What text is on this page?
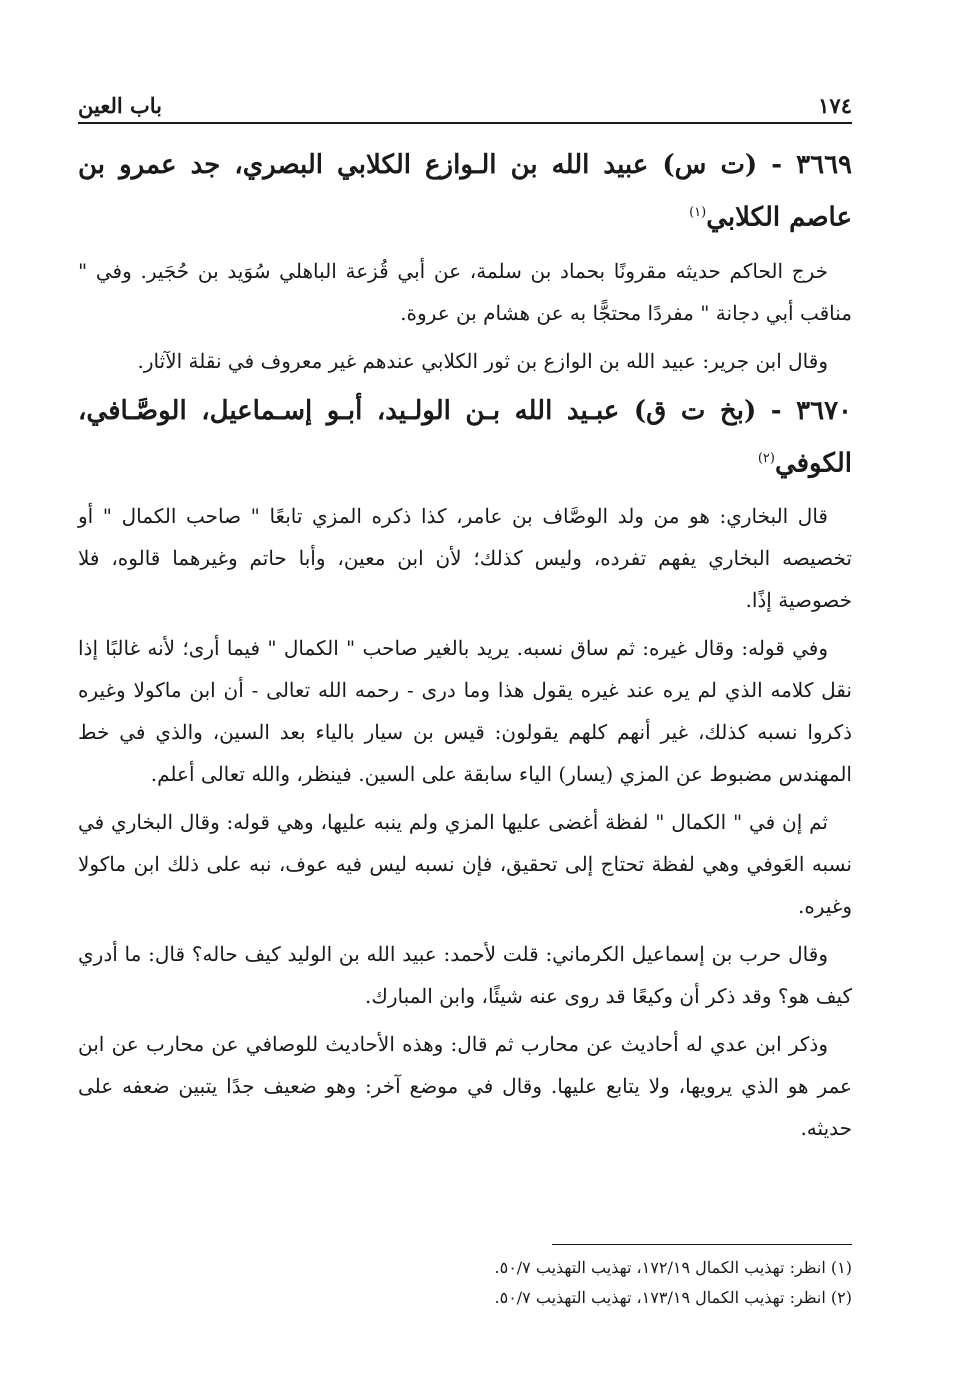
١٧٤
باب العين

٣٦٦٩ - (ت س) عبيد الله بن الـوازع الكلابي البصري، جد عمرو بن عاصم الكلابي$^{(١)}$

خرج الحاكم حديثه مقرونًا بحماد بن سلمة، عن أبي قُزعة الباهلي سُوَيد بن حُجَير. وفي " مناقب أبي دجانة " مفردًا محتجًّا به عن هشام بن عروة.

وقال ابن جرير: عبيد الله بن الوازع بن ثور الكلابي عندهم غير معروف في نقلة الآثار.

٣٦٧٠ - (بخ ت ق) عبـيد الله بـن الولـيد، أبـو إسـماعيل، الوصَّـافي، الكوفي$^{(٢)}$

قال البخاري: هو من ولد الوصَّاف بن عامر، كذا ذكره المزي تابعًا " صاحب الكمال " أو تخصيصه البخاري يفهم تفرده، وليس كذلك؛ لأن ابن معين، وأبا حاتم وغيرهما قالوه، فلا خصوصية إذًا.

وفي قوله: وقال غيره: ثم ساق نسبه. يريد بالغير صاحب " الكمال " فيما أرى؛ لأنه غالبًا إذا نقل كلامه الذي لم يره عند غيره يقول هذا وما درى - رحمه الله تعالى - أن ابن ماكولا وغيره ذكروا نسبه كذلك، غير أنهم كلهم يقولون: قيس بن سيار بالياء بعد السين، والذي في خط المهندس مضبوط عن المزي (يسار) الياء سابقة على السين. فينظر، والله تعالى أعلم.

ثم إن في " الكمال " لفظة أغضى عليها المزي ولم ينبه عليها، وهي قوله: وقال البخاري في نسبه العَوفي وهي لفظة تحتاج إلى تحقيق، فإن نسبه ليس فيه عوف، نبه على ذلك ابن ماكولا وغيره.

وقال حرب بن إسماعيل الكرماني: قلت لأحمد: عبيد الله بن الوليد كيف حاله؟ قال: ما أدري كيف هو؟ وقد ذكر أن وكيعًا قد روى عنه شيئًا، وابن المبارك.

وذكر ابن عدي له أحاديث عن محارب ثم قال: وهذه الأحاديث للوصافي عن محارب عن ابن عمر هو الذي يرويها، ولا يتابع عليها. وقال في موضع آخر: وهو ضعيف جدًا يتبين ضعفه على حديثه.

(١) انظر: تهذيب الكمال ١٧٢/١٩، تهذيب التهذيب ٥٠/٧.
(٢) انظر: تهذيب الكمال ١٧٣/١٩، تهذيب التهذيب ٥٠/٧.
